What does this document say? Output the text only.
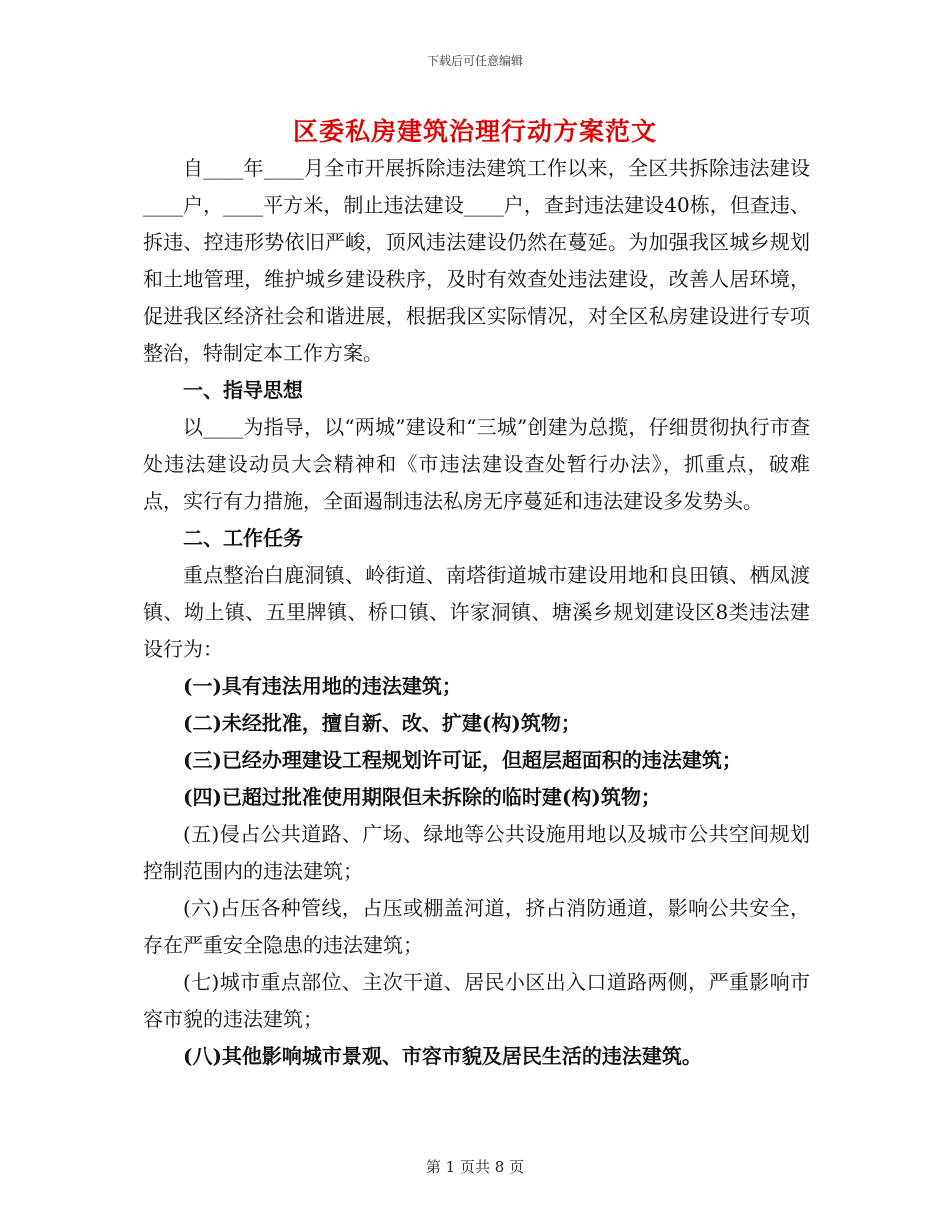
下载后可任意编辑
区委私房建筑治理行动方案范文

自____年____月全市开展拆除违法建筑工作以来，全区共拆除违法建设____户，____平方米，制止违法建设____户，查封违法建设40栋，但查违、拆违、控违形势依旧严峻，顶风违法建设仍然在蔓延。为加强我区城乡规划和土地管理，维护城乡建设秩序，及时有效查处违法建设，改善人居环境，促进我区经济社会和谐进展，根据我区实际情况，对全区私房建设进行专项整治，特制定本工作方案。

一、指导思想

以____为指导，以“两城”建设和“三城”创建为总揽，仔细贯彻执行市查处违法建设动员大会精神和《市违法建设查处暂行办法》，抓重点，破难点，实行有力措施，全面遏制违法私房无序蔓延和违法建设多发势头。

二、工作任务

重点整治白鹿洞镇、岭街道、南塔街道城市建设用地和良田镇、栖凤渡镇、坳上镇、五里牌镇、桥口镇、许家洞镇、塘溪乡规划建设区8类违法建设行为：

(一)具有违法用地的违法建筑；

(二)未经批准，擅自新、改、扩建(构)筑物；

(三)已经办理建设工程规划许可证，但超层超面积的违法建筑；

(四)已超过批准使用期限但未拆除的临时建(构)筑物；

(五)侵占公共道路、广场、绿地等公共设施用地以及城市公共空间规划控制范围内的违法建筑；

(六)占压各种管线，占压或棚盖河道，挤占消防通道，影响公共安全，存在严重安全隐患的违法建筑；

(七)城市重点部位、主次干道、居民小区出入口道路两侧，严重影响市容市貌的违法建筑；

(八)其他影响城市景观、市容市貌及居民生活的违法建筑。

第 1 页共 8 页
